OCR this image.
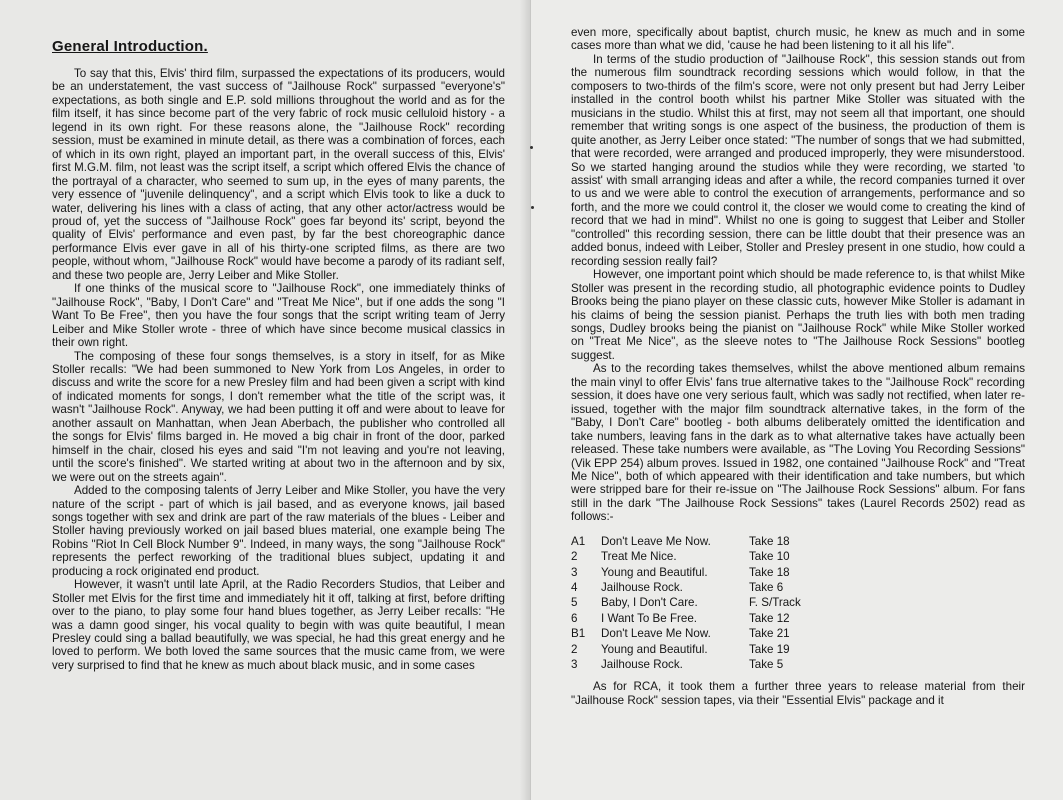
General Introduction.

To say that this, Elvis' third film, surpassed the expectations of its producers, would be an understatement, the vast success of "Jailhouse Rock" surpassed "everyone's" expectations, as both single and E.P. sold millions throughout the world and as for the film itself, it has since become part of the very fabric of rock music celluloid history - a legend in its own right. For these reasons alone, the "Jailhouse Rock" recording session, must be examined in minute detail, as there was a combination of forces, each of which in its own right, played an important part, in the overall success of this, Elvis' first M.G.M. film, not least was the script itself, a script which offered Elvis the chance of the portrayal of a character, who seemed to sum up, in the eyes of many parents, the very essence of "juvenile delinquency", and a script which Elvis took to like a duck to water, delivering his lines with a class of acting, that any other actor/actress would be proud of, yet the success of "Jailhouse Rock" goes far beyond its' script, beyond the quality of Elvis' performance and even past, by far the best choreographic dance performance Elvis ever gave in all of his thirty-one scripted films, as there are two people, without whom, "Jailhouse Rock" would have become a parody of its radiant self, and these two people are, Jerry Leiber and Mike Stoller.

If one thinks of the musical score to "Jailhouse Rock", one immediately thinks of "Jailhouse Rock", "Baby, I Don't Care" and "Treat Me Nice", but if one adds the song "I Want To Be Free", then you have the four songs that the script writing team of Jerry Leiber and Mike Stoller wrote - three of which have since become musical classics in their own right.

The composing of these four songs themselves, is a story in itself, for as Mike Stoller recalls: "We had been summoned to New York from Los Angeles, in order to discuss and write the score for a new Presley film and had been given a script with kind of indicated moments for songs, I don't remember what the title of the script was, it wasn't "Jailhouse Rock". Anyway, we had been putting it off and were about to leave for another assault on Manhattan, when Jean Aberbach, the publisher who controlled all the songs for Elvis' films barged in. He moved a big chair in front of the door, parked himself in the chair, closed his eyes and said "I'm not leaving and you're not leaving, until the score's finished". We started writing at about two in the afternoon and by six, we were out on the streets again".

Added to the composing talents of Jerry Leiber and Mike Stoller, you have the very nature of the script - part of which is jail based, and as everyone knows, jail based songs together with sex and drink are part of the raw materials of the blues - Leiber and Stoller having previously worked on jail based blues material, one example being The Robins "Riot In Cell Block Number 9". Indeed, in many ways, the song "Jailhouse Rock" represents the perfect reworking of the traditional blues subject, updating it and producing a rock originated end product.

However, it wasn't until late April, at the Radio Recorders Studios, that Leiber and Stoller met Elvis for the first time and immediately hit it off, talking at first, before drifting over to the piano, to play some four hand blues together, as Jerry Leiber recalls: "He was a damn good singer, his vocal quality to begin with was quite beautiful, I mean Presley could sing a ballad beautifully, we was special, he had this great energy and he loved to perform. We both loved the same sources that the music came from, we were very surprised to find that he knew as much about black music, and in some cases

even more, specifically about baptist, church music, he knew as much and in some cases more than what we did, 'cause he had been listening to it all his life".

In terms of the studio production of "Jailhouse Rock", this session stands out from the numerous film soundtrack recording sessions which would follow, in that the composers to two-thirds of the film's score, were not only present but had Jerry Leiber installed in the control booth whilst his partner Mike Stoller was situated with the musicians in the studio. Whilst this at first, may not seem all that important, one should remember that writing songs is one aspect of the business, the production of them is quite another, as Jerry Leiber once stated: "The number of songs that we had submitted, that were recorded, were arranged and produced improperly, they were misunderstood. So we started hanging around the studios while they were recording, we started 'to assist' with small arranging ideas and after a while, the record companies turned it over to us and we were able to control the execution of arrangements, performance and so forth, and the more we could control it, the closer we would come to creating the kind of record that we had in mind". Whilst no one is going to suggest that Leiber and Stoller "controlled" this recording session, there can be little doubt that their presence was an added bonus, indeed with Leiber, Stoller and Presley present in one studio, how could a recording session really fail?

However, one important point which should be made reference to, is that whilst Mike Stoller was present in the recording studio, all photographic evidence points to Dudley Brooks being the piano player on these classic cuts, however Mike Stoller is adamant in his claims of being the session pianist. Perhaps the truth lies with both men trading songs, Dudley brooks being the pianist on "Jailhouse Rock" while Mike Stoller worked on "Treat Me Nice", as the sleeve notes to "The Jailhouse Rock Sessions" bootleg suggest.

As to the recording takes themselves, whilst the above mentioned album remains the main vinyl to offer Elvis' fans true alternative takes to the "Jailhouse Rock" recording session, it does have one very serious fault, which was sadly not rectified, when later re-issued, together with the major film soundtrack alternative takes, in the form of the "Baby, I Don't Care" bootleg - both albums deliberately omitted the identification and take numbers, leaving fans in the dark as to what alternative takes have actually been released. These take numbers were available, as "The Loving You Recording Sessions" (Vik EPP 254) album proves. Issued in 1982, one contained "Jailhouse Rock" and "Treat Me Nice", both of which appeared with their identification and take numbers, but which were stripped bare for their re-issue on "The Jailhouse Rock Sessions" album. For fans still in the dark "The Jailhouse Rock Sessions" takes (Laurel Records 2502) read as follows:-

A1	Don't Leave Me Now.	Take 18
2	Treat Me Nice.	Take 10
3	Young and Beautiful.	Take 18
4	Jailhouse Rock.	Take 6
5	Baby, I Don't Care.	F. S/Track
6	I Want To Be Free.	Take 12
B1	Don't Leave Me Now.	Take 21
2	Young and Beautiful.	Take 19
3	Jailhouse Rock.	Take 5

As for RCA, it took them a further three years to release material from their "Jailhouse Rock" session tapes, via their "Essential Elvis" package and it
